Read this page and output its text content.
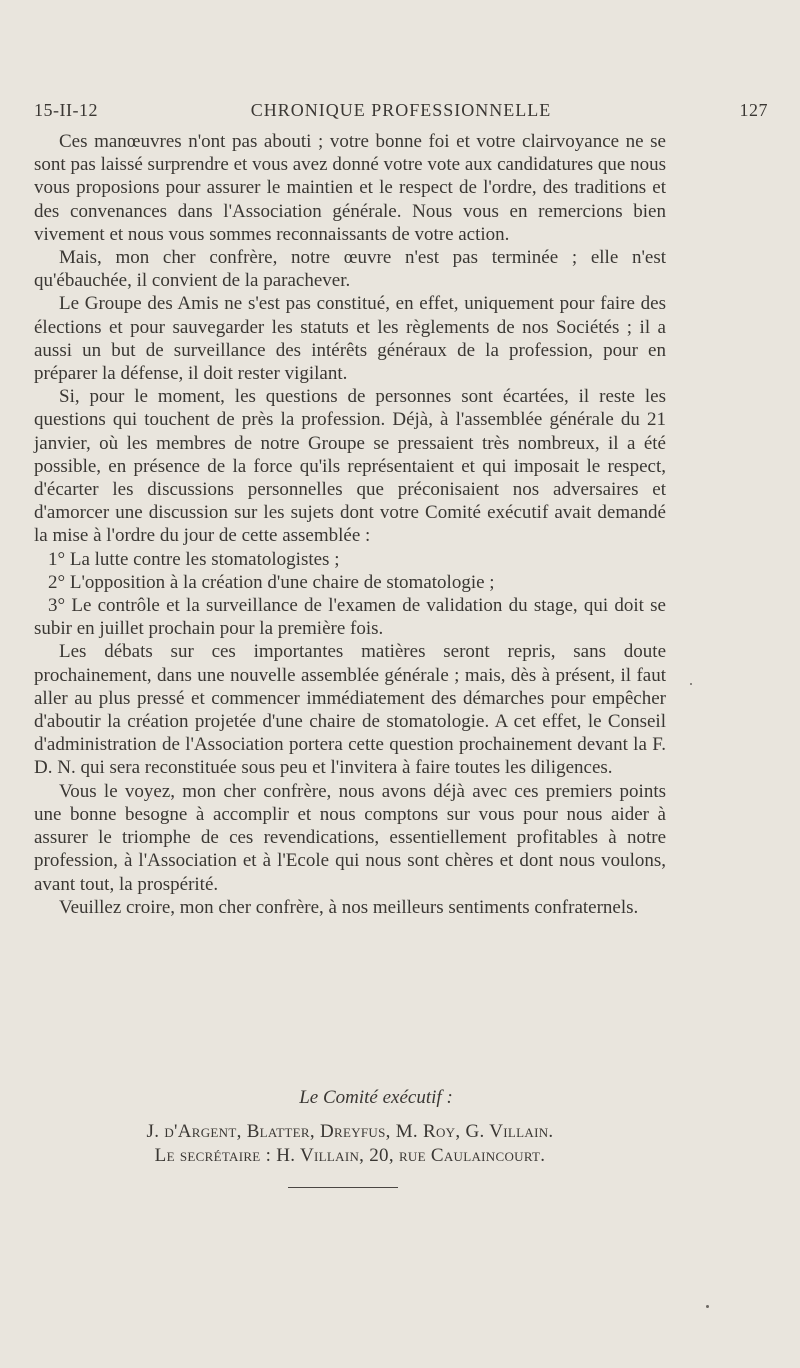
15-II-12	CHRONIQUE PROFESSIONNELLE	127

Ces manœuvres n'ont pas abouti ; votre bonne foi et votre clairvoyance ne se sont pas laissé surprendre et vous avez donné votre vote aux candidatures que nous vous proposions pour assurer le maintien et le respect de l'ordre, des traditions et des convenances dans l'Association générale. Nous vous en remercions bien vivement et nous vous sommes reconnaissants de votre action.

Mais, mon cher confrère, notre œuvre n'est pas terminée ; elle n'est qu'ébauchée, il convient de la parachever.

Le Groupe des Amis ne s'est pas constitué, en effet, uniquement pour faire des élections et pour sauvegarder les statuts et les règlements de nos Sociétés ; il a aussi un but de surveillance des intérêts généraux de la profession, pour en préparer la défense, il doit rester vigilant.

Si, pour le moment, les questions de personnes sont écartées, il reste les questions qui touchent de près la profession. Déjà, à l'assemblée générale du 21 janvier, où les membres de notre Groupe se pressaient très nombreux, il a été possible, en présence de la force qu'ils représentaient et qui imposait le respect, d'écarter les discussions personnelles que préconisaient nos adversaires et d'amorcer une discussion sur les sujets dont votre Comité exécutif avait demandé la mise à l'ordre du jour de cette assemblée :

1° La lutte contre les stomatologistes ;

2° L'opposition à la création d'une chaire de stomatologie ;

3° Le contrôle et la surveillance de l'examen de validation du stage, qui doit se subir en juillet prochain pour la première fois.

Les débats sur ces importantes matières seront repris, sans doute prochainement, dans une nouvelle assemblée générale ; mais, dès à présent, il faut aller au plus pressé et commencer immédiatement des démarches pour empêcher d'aboutir la création projetée d'une chaire de stomatologie. A cet effet, le Conseil d'administration de l'Association portera cette question prochainement devant la F. D. N. qui sera reconstituée sous peu et l'invitera à faire toutes les diligences.

Vous le voyez, mon cher confrère, nous avons déjà avec ces premiers points une bonne besogne à accomplir et nous comptons sur vous pour nous aider à assurer le triomphe de ces revendications, essentiellement profitables à notre profession, à l'Association et à l'Ecole qui nous sont chères et dont nous voulons, avant tout, la prospérité.

Veuillez croire, mon cher confrère, à nos meilleurs sentiments confraternels.

Le Comité exécutif :
J. d'Argent, Blatter, Dreyfus, M. Roy, G. Villain.
Le secrétaire : H. Villain, 20, rue Caulaincourt.
